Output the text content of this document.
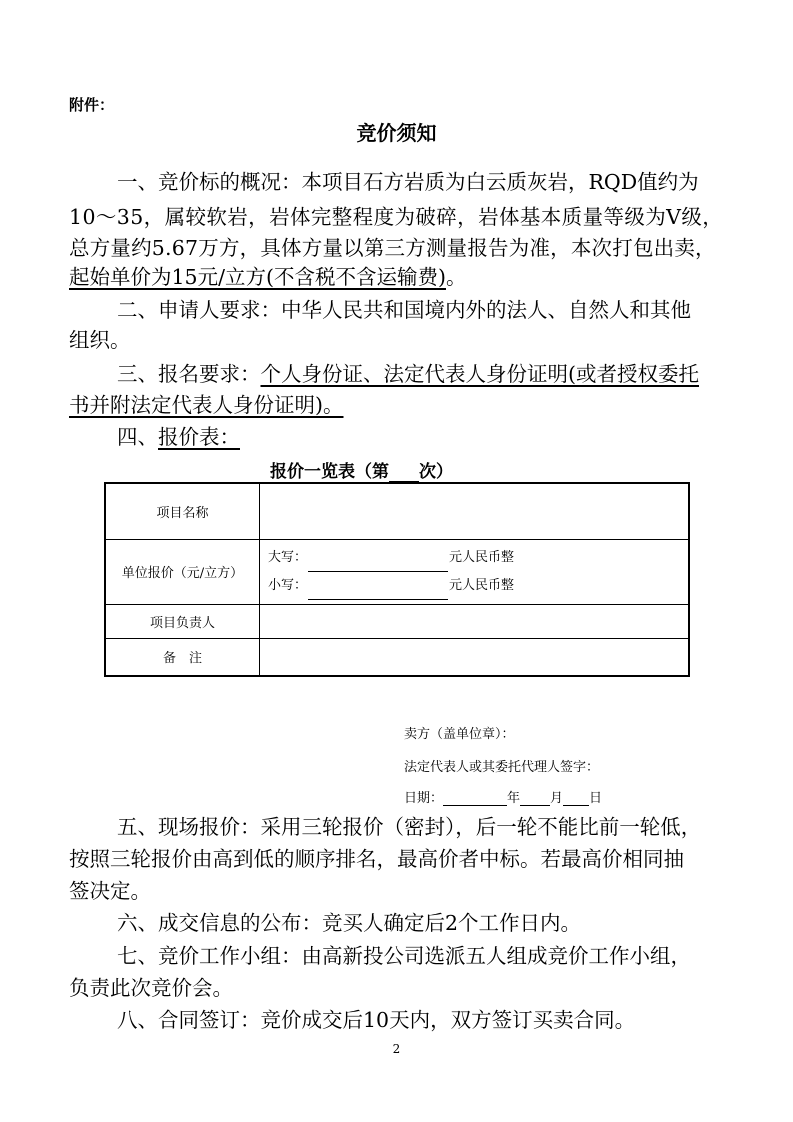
附件：
竞价须知
一、竞价标的概况：本项目石方岩质为白云质灰岩，RQD值约为
10～35，属较软岩，岩体完整程度为破碎，岩体基本质量等级为Ⅴ级，
总方量约5.67万方，具体方量以第三方测量报告为准，本次打包出卖，
起始单价为15元/立方(不含税不含运输费)。
二、申请人要求：中华人民共和国境内外的法人、自然人和其他
组织。
三、报名要求：个人身份证、法定代表人身份证明(或者授权委托
书并附法定代表人身份证明)。
四、报价表：
报价一览表（第 次）
项目名称	
单位报价（元/立方）	大写： 元人民币整
小写： 元人民币整

项目负责人	
备　注	
卖方（盖单位章）：
法定代表人或其委托代理人签字：
日期：	年 月 日
五、现场报价：采用三轮报价（密封），后一轮不能比前一轮低，
按照三轮报价由高到低的顺序排名，最高价者中标。若最高价相同抽
签决定。
六、成交信息的公布：竞买人确定后2个工作日内。
七、竞价工作小组：由高新投公司选派五人组成竞价工作小组，
负责此次竞价会。
八、合同签订：竞价成交后10天内，双方签订买卖合同。
2
